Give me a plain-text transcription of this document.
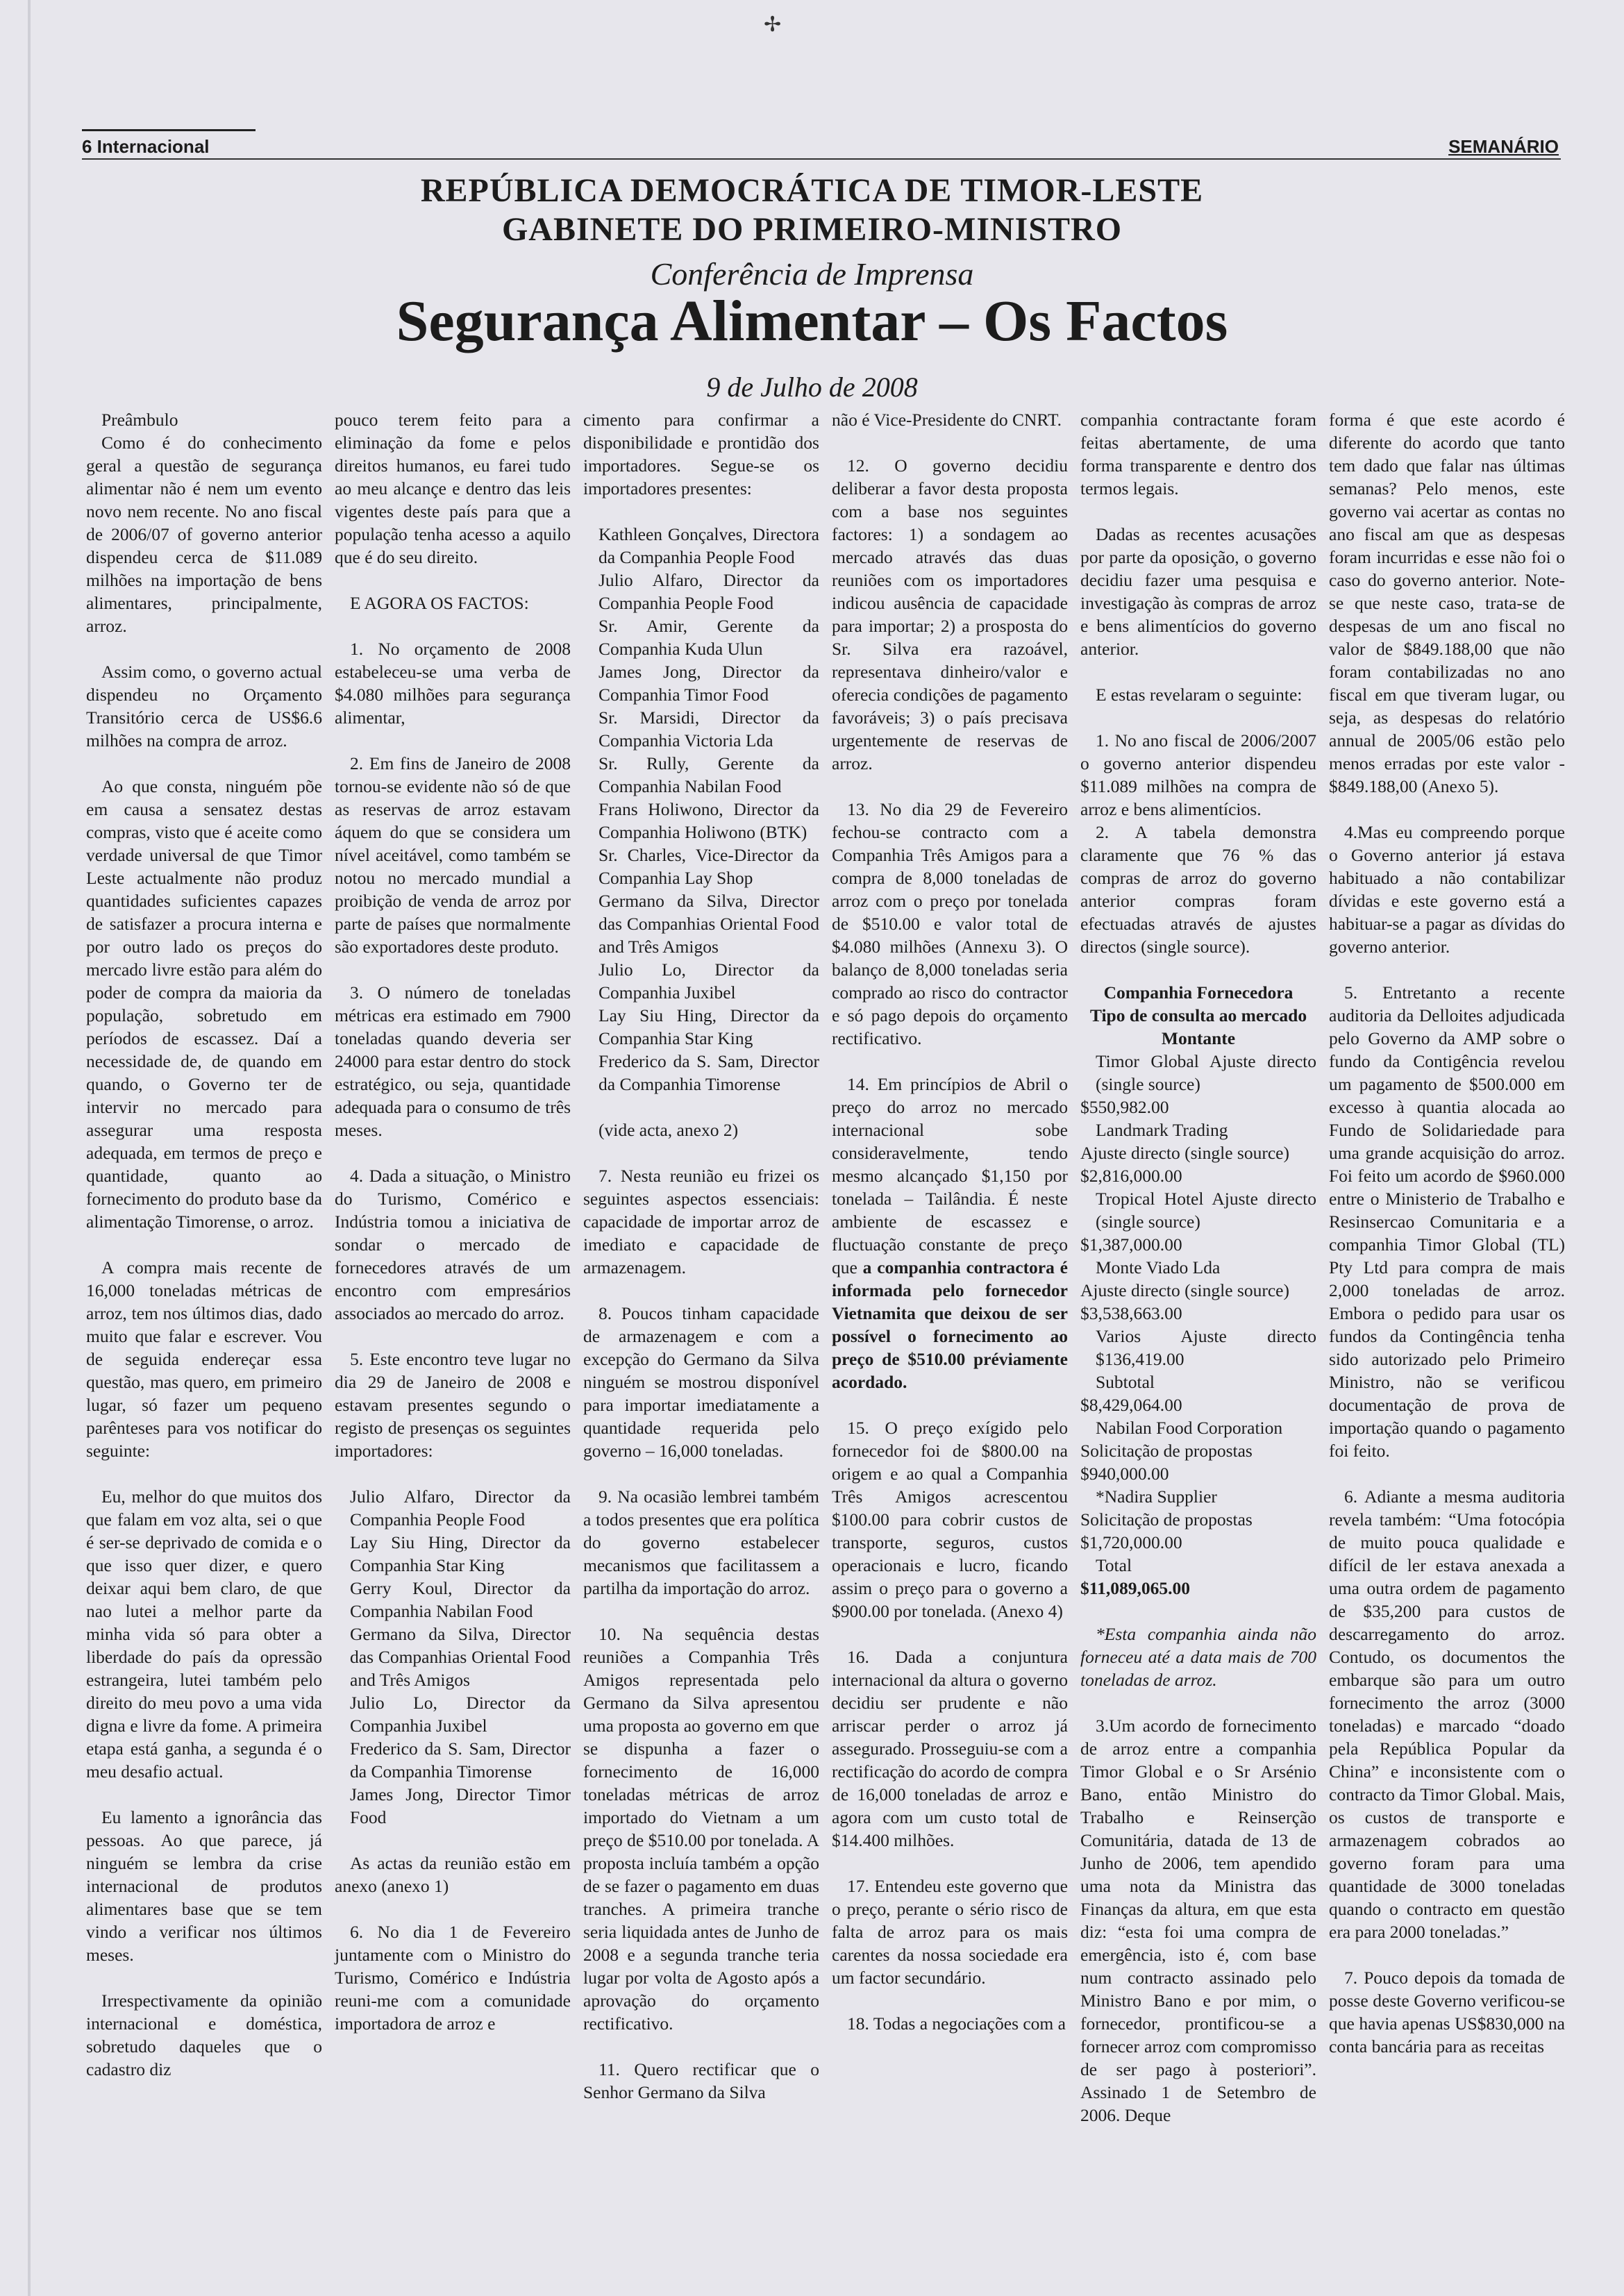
✢
6 Internacional	SEMANÁRIO
REPÚBLICA DEMOCRÁTICA DE TIMOR-LESTE
GABINETE DO PRIMEIRO-MINISTRO
Conferência de Imprensa
Segurança Alimentar – Os Factos
9 de Julho de 2008

Preâmbulo

Como é do conhecimento geral a questão de segurança alimentar não é nem um evento novo nem recente. No ano fiscal de 2006/07 of governo anterior dispendeu cerca de $11.089 milhões na importação de bens alimentares, principalmente, arroz.

Assim como, o governo actual dispendeu no Orçamento Transitório cerca de US$6.6 milhões na compra de arroz.

Ao que consta, ninguém põe em causa a sensatez destas compras, visto que é aceite como verdade universal de que Timor Leste actualmente não produz quantidades suficientes capazes de satisfazer a procura interna e por outro lado os preços do mercado livre estão para além do poder de compra da maioria da população, sobretudo em períodos de escassez. Daí a necessidade de, de quando em quando, o Governo ter de intervir no mercado para assegurar uma resposta adequada, em termos de preço e quantidade, quanto ao fornecimento do produto base da alimentação Timorense, o arroz.

A compra mais recente de 16,000 toneladas métricas de arroz, tem nos últimos dias, dado muito que falar e escrever. Vou de seguida endereçar essa questão, mas quero, em primeiro lugar, só fazer um pequeno parênteses para vos notificar do seguinte:

Eu, melhor do que muitos dos que falam em voz alta, sei o que é ser-se deprivado de comida e o que isso quer dizer, e quero deixar aqui bem claro, de que nao lutei a melhor parte da minha vida só para obter a liberdade do país da opressão estrangeira, lutei também pelo direito do meu povo a uma vida digna e livre da fome. A primeira etapa está ganha, a segunda é o meu desafio actual.

Eu lamento a ignorância das pessoas. Ao que parece, já ninguém se lembra da crise internacional de produtos alimentares base que se tem vindo a verificar nos últimos meses.

Irrespectivamente da opinião internacional e doméstica, sobretudo daqueles que o cadastro diz

pouco terem feito para a eliminação da fome e pelos direitos humanos, eu farei tudo ao meu alcançe e dentro das leis vigentes deste país para que a população tenha acesso a aquilo que é do seu direito.

E AGORA OS FACTOS:

1. No orçamento de 2008 estabeleceu-se uma verba de $4.080 milhões para segurança alimentar,

2. Em fins de Janeiro de 2008 tornou-se evidente não só de que as reservas de arroz estavam áquem do que se considera um nível aceitável, como também se notou no mercado mundial a proibição de venda de arroz por parte de países que normalmente são exportadores deste produto.

3. O número de toneladas métricas era estimado em 7900 toneladas quando deveria ser 24000 para estar dentro do stock estratégico, ou seja, quantidade adequada para o consumo de três meses.

4. Dada a situação, o Ministro do Turismo, Comérico e Indústria tomou a iniciativa de sondar o mercado de fornecedores através de um encontro com empresários associados ao mercado do arroz.

5. Este encontro teve lugar no dia 29 de Janeiro de 2008 e estavam presentes segundo o registo de presenças os seguintes importadores:

Julio Alfaro, Director da Companhia People Food

Lay Siu Hing, Director da Companhia Star King

Gerry Koul, Director da Companhia Nabilan Food

Germano da Silva, Director das Companhias Oriental Food and Três Amigos

Julio Lo, Director da Companhia Juxibel

Frederico da S. Sam, Director da Companhia Timorense

James Jong, Director Timor Food

As actas da reunião estão em anexo (anexo 1)

6. No dia 1 de Fevereiro juntamente com o Ministro do Turismo, Comérico e Indústria reuni-me com a comunidade importadora de arroz e

cimento para confirmar a disponibilidade e prontidão dos importadores. Segue-se os importadores presentes:

Kathleen Gonçalves, Directora da Companhia People Food

Julio Alfaro, Director da Companhia People Food

Sr. Amir, Gerente da Companhia Kuda Ulun

James Jong, Director da Companhia Timor Food

Sr. Marsidi, Director da Companhia Victoria Lda

Sr. Rully, Gerente da Companhia Nabilan Food

Frans Holiwono, Director da Companhia Holiwono (BTK)

Sr. Charles, Vice-Director da Companhia Lay Shop

Germano da Silva, Director das Companhias Oriental Food and Três Amigos

Julio Lo, Director da Companhia Juxibel

Lay Siu Hing, Director da Companhia Star King

Frederico da S. Sam, Director da Companhia Timorense

(vide acta, anexo 2)

7. Nesta reunião eu frizei os seguintes aspectos essenciais: capacidade de importar arroz de imediato e capacidade de armazenagem.

8. Poucos tinham capacidade de armazenagem e com a excepção do Germano da Silva ninguém se mostrou disponível para importar imediatamente a quantidade requerida pelo governo – 16,000 toneladas.

9. Na ocasião lembrei também a todos presentes que era política do governo estabelecer mecanismos que facilitassem a partilha da importação do arroz.

10. Na sequência destas reuniões a Companhia Três Amigos representada pelo Germano da Silva apresentou uma proposta ao governo em que se dispunha a fazer o fornecimento de 16,000 toneladas métricas de arroz importado do Vietnam a um preço de $510.00 por tonelada. A proposta incluía também a opção de se fazer o pagamento em duas tranches. A primeira tranche seria liquidada antes de Junho de 2008 e a segunda tranche teria lugar por volta de Agosto após a aprovação do orçamento rectificativo.

11. Quero rectificar que o Senhor Germano da Silva

não é Vice-Presidente do CNRT.

12. O governo decidiu deliberar a favor desta proposta com a base nos seguintes factores: 1) a sondagem ao mercado através das duas reuniões com os importadores indicou ausência de capacidade para importar; 2) a prosposta do Sr. Silva era razoável, representava dinheiro/valor e oferecia condições de pagamento favoráveis; 3) o país precisava urgentemente de reservas de arroz.

13. No dia 29 de Fevereiro fechou-se contracto com a Companhia Três Amigos para a compra de 8,000 toneladas de arroz com o preço por tonelada de $510.00 e valor total de $4.080 milhões (Annexu 3). O balanço de 8,000 toneladas seria comprado ao risco do contractor e só pago depois do orçamento rectificativo.

14. Em princípios de Abril o preço do arroz no mercado internacional sobe consideravelmente, tendo mesmo alcançado $1,150 por tonelada – Tailândia. É neste ambiente de escassez e fluctuação constante de preço que a companhia contractora é informada pelo fornecedor Vietnamita que deixou de ser possível o fornecimento ao preço de $510.00 préviamente acordado.

15. O preço exígido pelo fornecedor foi de $800.00 na origem e ao qual a Companhia Três Amigos acrescentou $100.00 para cobrir custos de transporte, seguros, custos operacionais e lucro, ficando assim o preço para o governo a $900.00 por tonelada. (Anexo 4)

16. Dada a conjuntura internacional da altura o governo decidiu ser prudente e não arriscar perder o arroz já assegurado. Prosseguiu-se com a rectificação do acordo de compra de 16,000 toneladas de arroz e agora com um custo total de $14.400 milhões.

17. Entendeu este governo que o preço, perante o sério risco de falta de arroz para os mais carentes da nossa sociedade era um factor secundário.

18. Todas a negociações com a

companhia contractante foram feitas abertamente, de uma forma transparente e dentro dos termos legais.

Dadas as recentes acusações por parte da oposição, o governo decidiu fazer uma pesquisa e investigação às compras de arroz e bens alimentícios do governo anterior.

E estas revelaram o seguinte:

1. No ano fiscal de 2006/2007 o governo anterior dispendeu $11.089 milhões na compra de arroz e bens alimentícios.

2. A tabela demonstra claramente que 76 % das compras de arroz do governo anterior compras foram efectuadas através de ajustes directos (single source).

Companhia Fornecedora

Tipo de consulta ao mercado

Montante

Timor Global Ajuste directo (single source)

$550,982.00

Landmark Trading

Ajuste directo (single source)

$2,816,000.00

Tropical Hotel Ajuste directo (single source)

$1,387,000.00

Monte Viado Lda

Ajuste directo (single source)

$3,538,663.00

Varios Ajuste directo $136,419.00

Subtotal

$8,429,064.00

Nabilan Food Corporation

Solicitação de propostas

$940,000.00

*Nadira Supplier

Solicitação de propostas

$1,720,000.00

Total

$11,089,065.00

*Esta companhia ainda não forneceu até a data mais de 700 toneladas de arroz.

3.Um acordo de fornecimento de arroz entre a companhia Timor Global e o Sr Arsénio Bano, então Ministro do Trabalho e Reinserção Comunitária, datada de 13 de Junho de 2006, tem apendido uma nota da Ministra das Finanças da altura, em que esta diz: “esta foi uma compra de emergência, isto é, com base num contracto assinado pelo Ministro Bano e por mim, o fornecedor, prontificou-se a fornecer arroz com compromisso de ser pago à posteriori”. Assinado 1 de Setembro de 2006. Deque

forma é que este acordo é diferente do acordo que tanto tem dado que falar nas últimas semanas? Pelo menos, este governo vai acertar as contas no ano fiscal am que as despesas foram incurridas e esse não foi o caso do governo anterior. Note-se que neste caso, trata-se de despesas de um ano fiscal no valor de $849.188,00 que não foram contabilizadas no ano fiscal em que tiveram lugar, ou seja, as despesas do relatório annual de 2005/06 estão pelo menos erradas por este valor - $849.188,00 (Anexo 5).

4.Mas eu compreendo porque o Governo anterior já estava habituado a não contabilizar dívidas e este governo está a habituar-se a pagar as dívidas do governo anterior.

5. Entretanto a recente auditoria da Delloites adjudicada pelo Governo da AMP sobre o fundo da Contigência revelou um pagamento de $500.000 em excesso à quantia alocada ao Fundo de Solidariedade para uma grande acquisição do arroz. Foi feito um acordo de $960.000 entre o Ministerio de Trabalho e Resinsercao Comunitaria e a companhia Timor Global (TL) Pty Ltd para compra de mais 2,000 toneladas de arroz. Embora o pedido para usar os fundos da Contingência tenha sido autorizado pelo Primeiro Ministro, não se verificou documentação de prova de importação quando o pagamento foi feito.

6. Adiante a mesma auditoria revela também: “Uma fotocópia de muito pouca qualidade e difícil de ler estava anexada a uma outra ordem de pagamento de $35,200 para custos de descarregamento do arroz. Contudo, os documentos the embarque são para um outro fornecimento the arroz (3000 toneladas) e marcado “doado pela República Popular da China” e inconsistente com o contracto da Timor Global. Mais, os custos de transporte e armazenagem cobrados ao governo foram para uma quantidade de 3000 toneladas quando o contracto em questão era para 2000 toneladas.”

7. Pouco depois da tomada de posse deste Governo verificou-se que havia apenas US$830,000 na conta bancária para as receitas
